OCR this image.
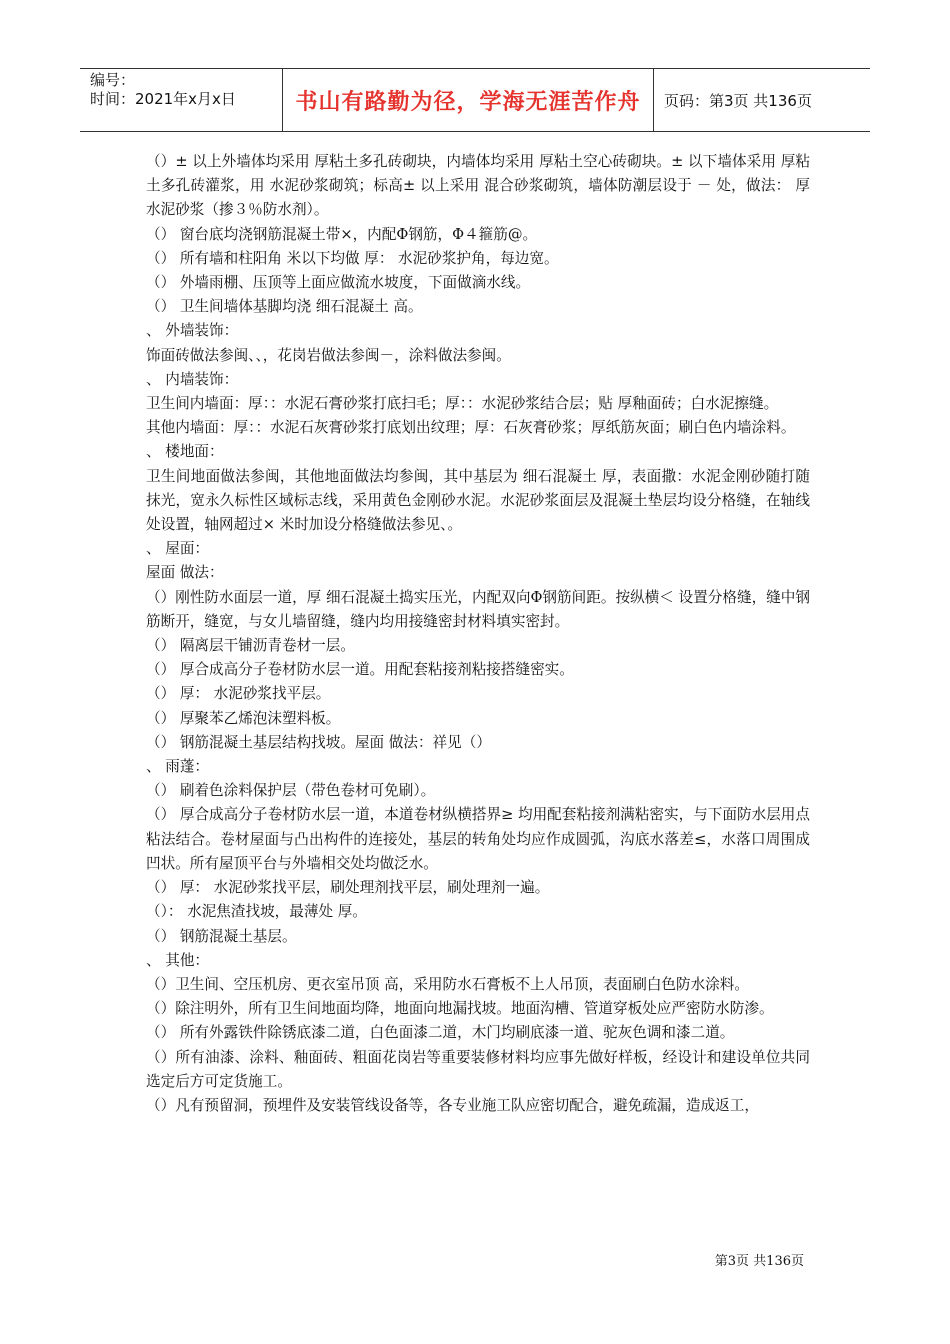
编号：
时间：2021年x月x日	书山有路勤为径，学海无涯苦作舟	页码：第3页 共136页

（）± 以上外墙体均采用 厚粘土多孔砖砌块，内墙体均采用 厚粘土空心砖砌块。± 以下墙体采用 厚粘土多孔砖灌浆，用 水泥砂浆砌筑；标高± 以上采用 混合砂浆砌筑，墙体防潮层设于 － 处，做法： 厚 水泥砂浆（掺３％防水剂）。

（） 窗台底均浇钢筋混凝土带×，内配Φ钢筋，Φ４箍筋@。

（） 所有墙和柱阳角 米以下均做 厚： 水泥砂浆护角，每边宽。

（） 外墙雨棚、压顶等上面应做流水坡度，下面做滴水线。

（） 卫生间墙体基脚均浇 细石混凝土 高。

、 外墙装饰：

饰面砖做法参闽、、，花岗岩做法参闽－，涂料做法参闽。

、 内墙装饰：

卫生间内墙面：厚：：水泥石膏砂浆打底扫毛；厚：：水泥砂浆结合层；贴 厚釉面砖；白水泥擦缝。

其他内墙面：厚：：水泥石灰膏砂浆打底划出纹理；厚：石灰膏砂浆；厚纸筋灰面；刷白色内墙涂料。

、 楼地面：

卫生间地面做法参闽，其他地面做法均参闽，其中基层为 细石混凝土 厚，表面撒：水泥金刚砂随打随抹光，宽永久标性区域标志线，采用黄色金刚砂水泥。水泥砂浆面层及混凝土垫层均设分格缝，在轴线处设置，轴网超过× 米时加设分格缝做法参见、。

、 屋面：

屋面 做法：

（）刚性防水面层一道，厚 细石混凝土捣实压光，内配双向Φ钢筋间距。按纵横＜ 设置分格缝，缝中钢筋断开，缝宽，与女儿墙留缝，缝内均用接缝密封材料填实密封。

（） 隔离层干铺沥青卷材一层。

（） 厚合成高分子卷材防水层一道。用配套粘接剂粘接搭缝密实。

（） 厚： 水泥砂浆找平层。

（） 厚聚苯乙烯泡沫塑料板。

（） 钢筋混凝土基层结构找坡。屋面 做法：祥见（）

、 雨蓬：

（） 刷着色涂料保护层（带色卷材可免刷）。

（） 厚合成高分子卷材防水层一道，本道卷材纵横搭界≥ 均用配套粘接剂满粘密实，与下面防水层用点粘法结合。卷材屋面与凸出构件的连接处，基层的转角处均应作成圆弧，沟底水落差≤，水落口周围成凹状。所有屋顶平台与外墙相交处均做泛水。

（） 厚： 水泥砂浆找平层，刷处理剂找平层，刷处理剂一遍。

（）： 水泥焦渣找坡，最薄处 厚。

（） 钢筋混凝土基层。

、 其他：

（）卫生间、空压机房、更衣室吊顶 高，采用防水石膏板不上人吊顶，表面刷白色防水涂料。

（）除注明外，所有卫生间地面均降，地面向地漏找坡。地面沟槽、管道穿板处应严密防水防渗。

（） 所有外露铁件除锈底漆二道，白色面漆二道，木门均刷底漆一道、驼灰色调和漆二道。

（）所有油漆、涂料、釉面砖、粗面花岗岩等重要装修材料均应事先做好样板，经设计和建设单位共同选定后方可定货施工。

（）凡有预留洞，预埋件及安装管线设备等，各专业施工队应密切配合，避免疏漏，造成返工，

第3页 共136页
